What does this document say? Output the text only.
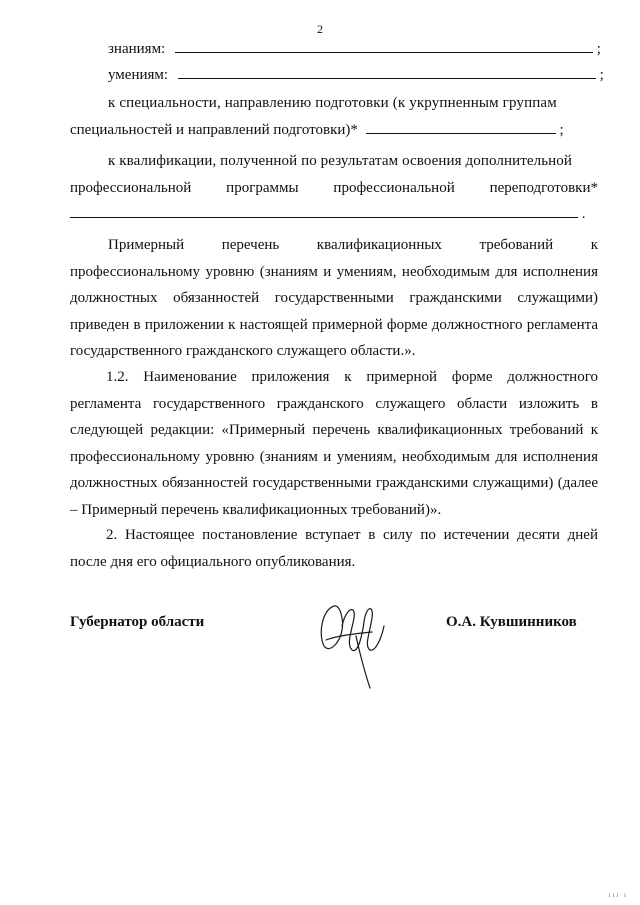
2
знаниям:	;
умениям:	;
к специальности, направлению подготовки (к укрупненным группам
специальностей и направлений подготовки)*	;
к квалификации, полученной по результатам освоения дополнительной
профессиональной программы профессиональной переподготовки*
.
Примерный	перечень	квалификационных	требований	к
профессиональному уровню (знаниям и умениям, необходимым для исполнения должностных обязанностей государственными гражданскими служащими) приведен в приложении к настоящей примерной форме должностного регламента государственного гражданского служащего области.».
1.2. Наименование приложения к примерной форме должностного регламента государственного гражданского служащего области изложить в следующей редакции: «Примерный перечень квалификационных требований к профессиональному уровню (знаниям и умениям, необходимым для исполнения должностных обязанностей государственными гражданскими служащими) (далее – Примерный перечень квалификационных требований)».
2. Настоящее постановление вступает в силу по истечении десяти дней после дня его официального опубликования.
Губернатор области	О.А. Кувшинников
ııı ı
